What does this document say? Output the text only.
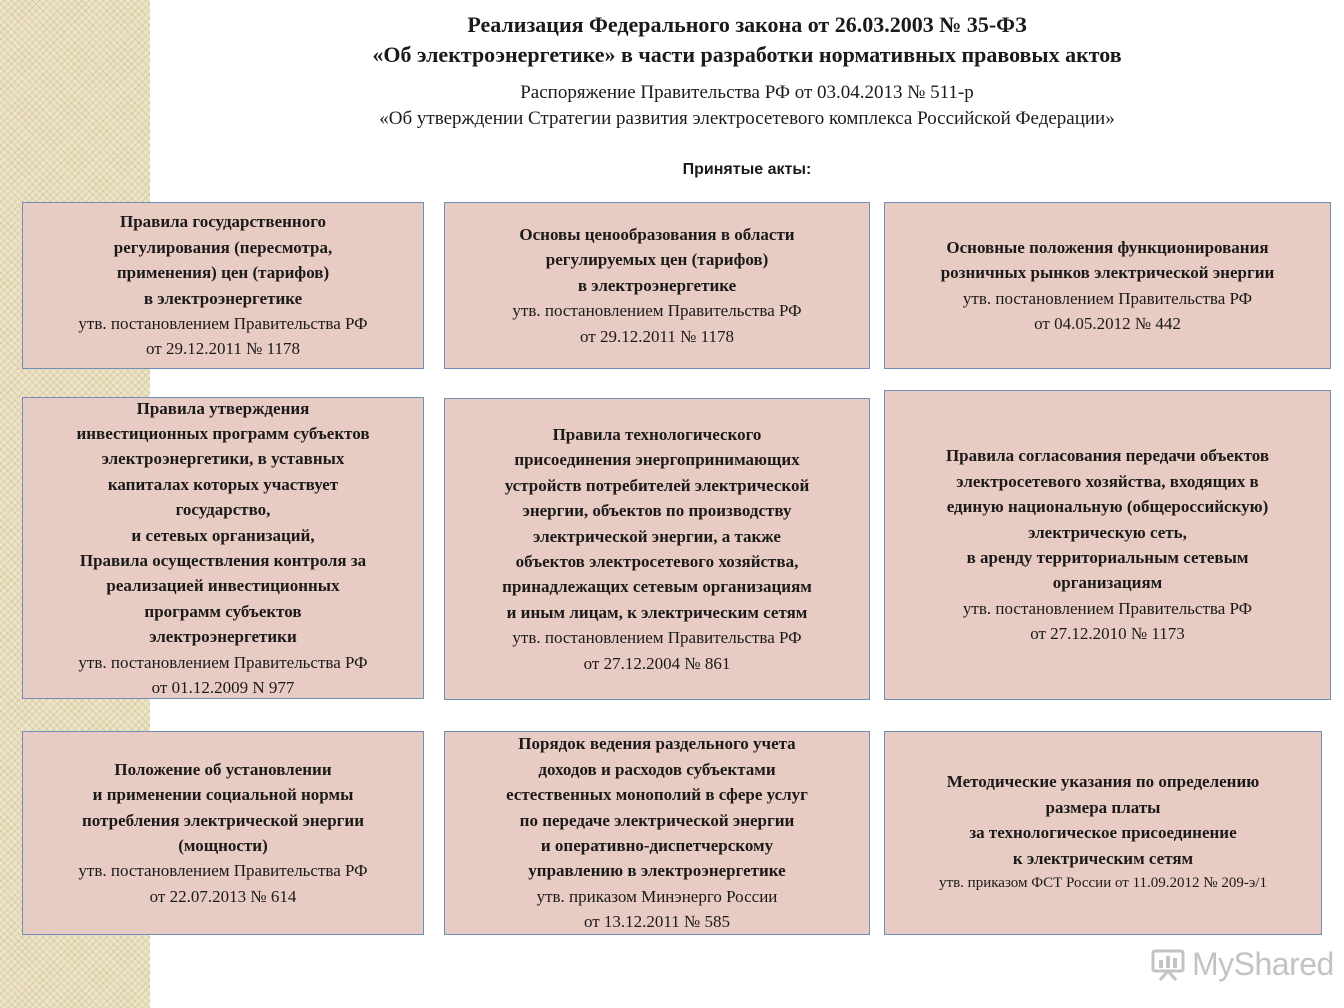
Реализация Федерального закона от 26.03.2003 № 35-ФЗ
«Об электроэнергетике» в части разработки нормативных правовых актов
Распоряжение Правительства РФ от 03.04.2013 № 511-р
«Об утверждении Стратегии развития электросетевого комплекса Российской Федерации»
Принятые акты:
Правила государственного
регулирования (пересмотра,
применения) цен (тарифов)
в электроэнергетике
утв. постановлением Правительства РФ
от 29.12.2011 № 1178
Основы ценообразования в области
регулируемых цен (тарифов)
в электроэнергетике
утв. постановлением Правительства РФ
от 29.12.2011 № 1178
Основные положения функционирования
розничных рынков электрической энергии
утв. постановлением Правительства РФ
от 04.05.2012 № 442
Правила утверждения
инвестиционных программ субъектов
электроэнергетики, в уставных
капиталах которых участвует
государство,
и сетевых организаций,
Правила осуществления контроля за
реализацией инвестиционных
программ субъектов
электроэнергетики
утв. постановлением Правительства РФ
от 01.12.2009 N 977
Правила технологического
присоединения энергопринимающих
устройств потребителей электрической
энергии, объектов по производству
электрической энергии, а также
объектов электросетевого хозяйства,
принадлежащих сетевым организациям
и иным лицам, к электрическим сетям
утв. постановлением Правительства РФ
от 27.12.2004 № 861
Правила согласования передачи объектов
электросетевого хозяйства, входящих в
единую национальную (общероссийскую)
электрическую сеть,
в аренду территориальным сетевым
организациям
утв. постановлением Правительства РФ
от 27.12.2010 № 1173
Положение об установлении
и применении социальной нормы
потребления электрической энергии
(мощности)
утв. постановлением Правительства РФ
от 22.07.2013 № 614
Порядок ведения раздельного учета
доходов и расходов субъектами
естественных монополий в сфере услуг
по передаче электрической энергии
и оперативно-диспетчерскому
управлению в электроэнергетике
утв. приказом Минэнерго России
от 13.12.2011 № 585
Методические указания по определению
размера платы
за технологическое присоединение
к электрическим сетям
утв. приказом ФСТ России от 11.09.2012 № 209-э/1
MyShared
